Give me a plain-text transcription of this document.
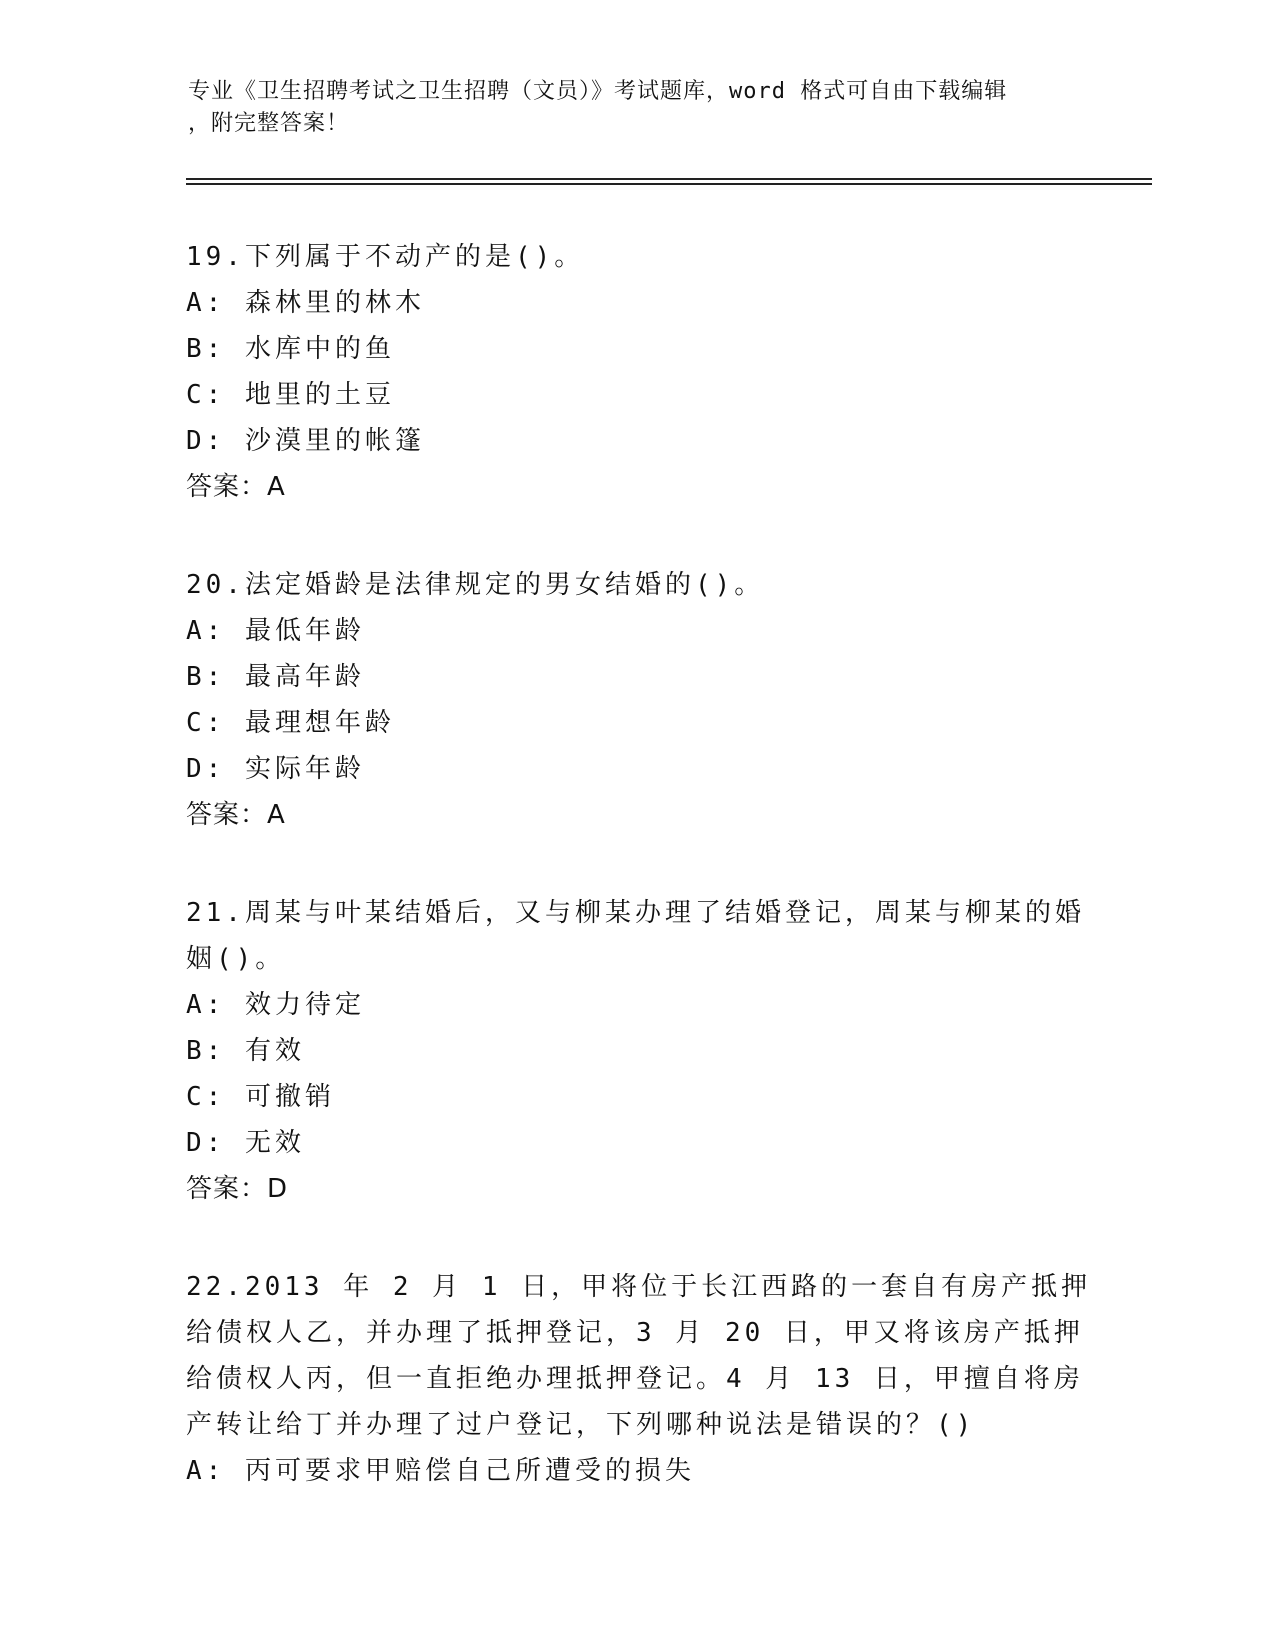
专业《卫生招聘考试之卫生招聘（文员）》考试题库，word 格式可自由下载编辑
，附完整答案！

19.下列属于不动产的是()。

A: 森林里的林木

B: 水库中的鱼

C: 地里的土豆

D: 沙漠里的帐篷

答案：A

20.法定婚龄是法律规定的男女结婚的()。

A: 最低年龄

B: 最高年龄

C: 最理想年龄

D: 实际年龄

答案：A

21.周某与叶某结婚后，又与柳某办理了结婚登记，周某与柳某的婚姻()。

A: 效力待定

B: 有效

C: 可撤销

D: 无效

答案：D

22.2013 年 2 月 1 日，甲将位于长江西路的一套自有房产抵押给债权人乙，并办理了抵押登记，3 月 20 日，甲又将该房产抵押给债权人丙，但一直拒绝办理抵押登记。4 月 13 日，甲擅自将房产转让给丁并办理了过户登记，下列哪种说法是错误的？()

A: 丙可要求甲赔偿自己所遭受的损失
